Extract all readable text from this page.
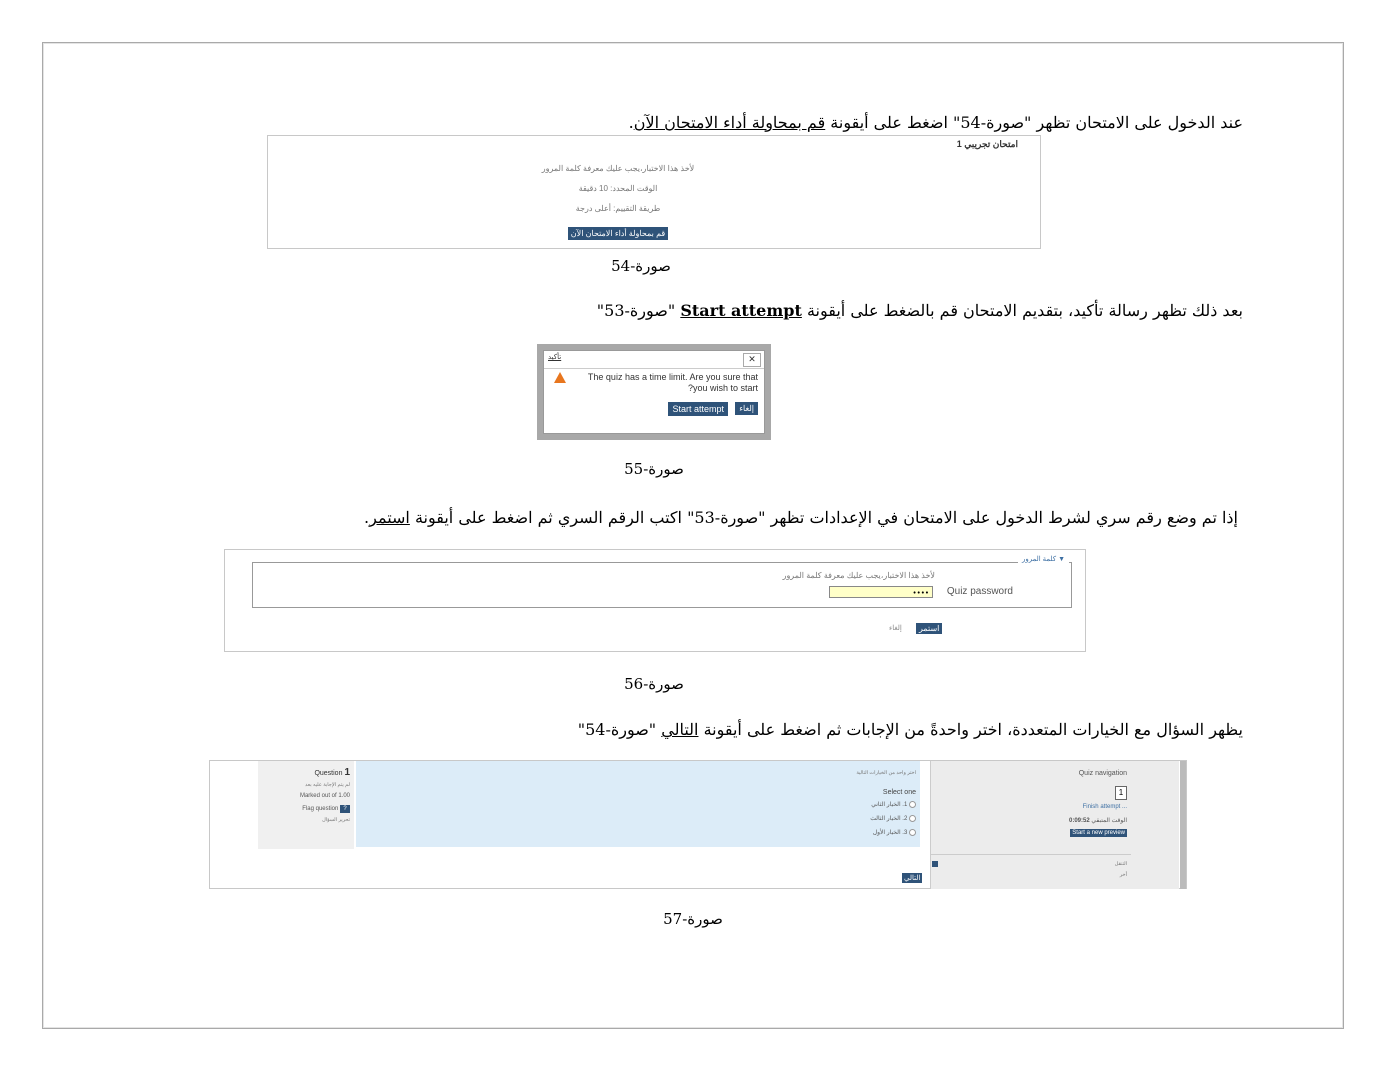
عند الدخول على الامتحان تظهر "صورة-54" اضغط على أيقونة قم بمحاولة أداء الامتحان الآن.
امتحان تجريبي 1
لأخذ هذا الاختبار،يجب عليك معرفة كلمة المرور
الوقت المحدد: 10 دقيقة
طريقة التقييم: أعلى درجة
قم بمحاولة أداء الامتحان الآن
صورة-54
بعد ذلك تظهر رسالة تأكيد، بتقديم الامتحان قم بالضغط على أيقونة Start attempt "صورة-53"
تأكيد	✕
The quiz has a time limit. Are you sure that
?you wish to start
إلغاء
Start attempt
صورة-55
إذا تم وضع رقم سري لشرط الدخول على الامتحان في الإعدادات تظهر "صورة-53" اكتب الرقم السري ثم اضغط على أيقونة استمر.
▼ كلمة المرور
لأخذ هذا الاختبار،يجب عليك معرفة كلمة المرور
Quiz password
••••
استمر
إلغاء
صورة-56
يظهر السؤال مع الخيارات المتعددة، اختر واحدةً من الإجابات ثم اضغط على أيقونة التالي "صورة-54"
Question 1
لم يتم الإجابة عليه بعد
Marked out of 1.00
Flag question ?
تحرير السؤال
اختر واحد من الخيارات التالية
Select one
1. الخيار الثاني
2. الخيار الثالث
3. الخيار الأول
التالي
Quiz navigation
1
Finish attempt ...
الوقت المتبقي 0:09:52
Start a new preview
التنقل
أخر
صورة-57
